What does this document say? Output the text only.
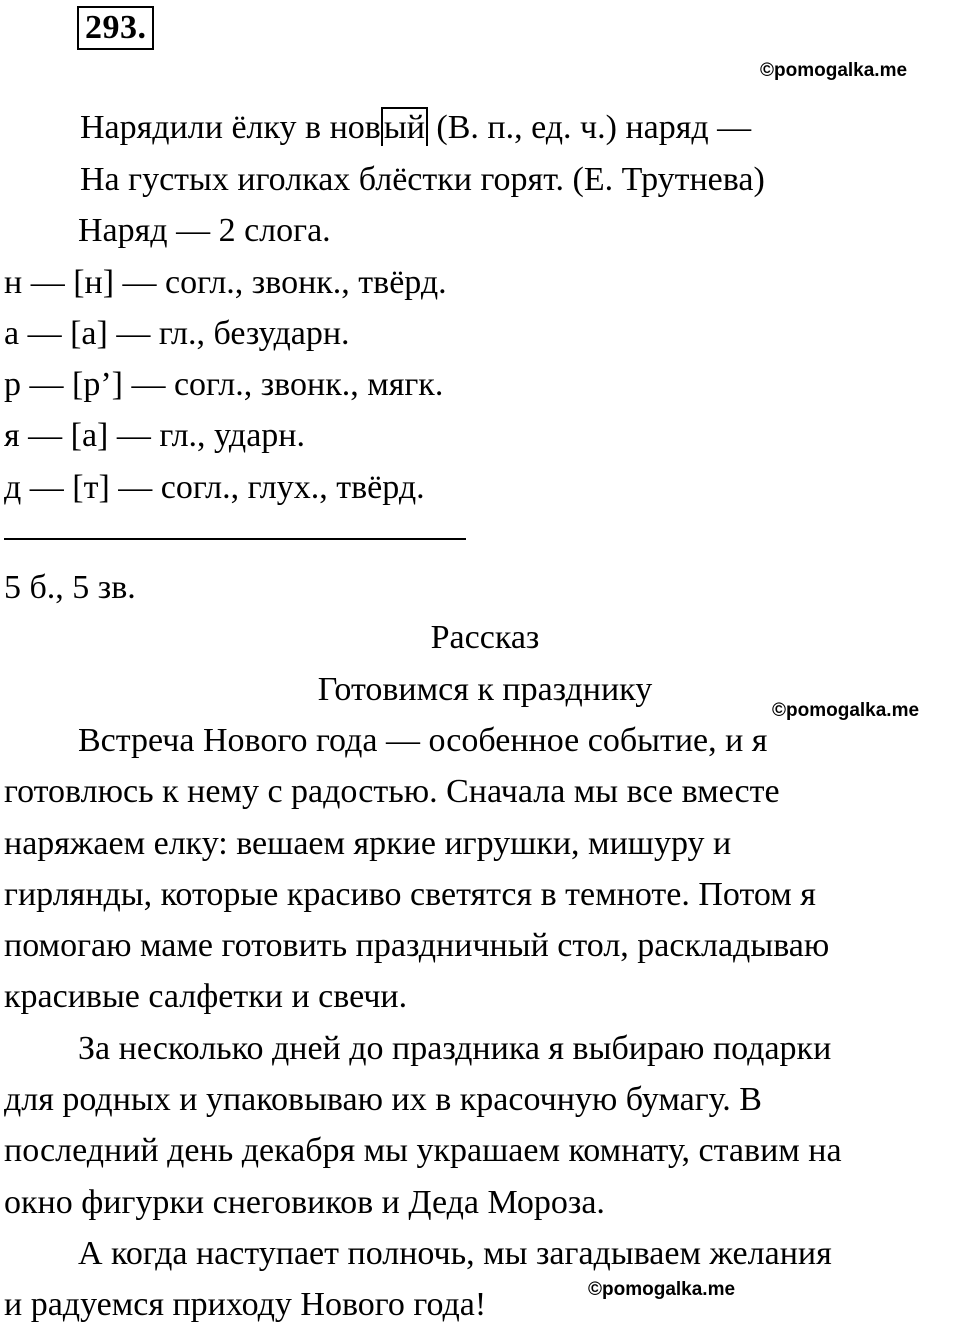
293.
©pomogalka.me
Нарядили ёлку в новый (В. п., ед. ч.) наряд —
На густых иголках блёстки горят. (Е. Трутнева)
Наряд — 2 слога.
н — [н] — согл., звонк., твёрд.
а — [а] — гл., безударн.
р — [р’] — согл., звонк., мягк.
я — [а] — гл., ударн.
д — [т] — согл., глух., твёрд.
5 б., 5 зв.
Рассказ
Готовимся к празднику
©pomogalka.me
Встреча Нового года — особенное событие, и я
готовлюсь к нему с радостью. Сначала мы все вместе
наряжаем елку: вешаем яркие игрушки, мишуру и
гирлянды, которые красиво светятся в темноте. Потом я
помогаю маме готовить праздничный стол, раскладываю
красивые салфетки и свечи.
За несколько дней до праздника я выбираю подарки
для родных и упаковываю их в красочную бумагу. В
последний день декабря мы украшаем комнату, ставим на
окно фигурки снеговиков и Деда Мороза.
А когда наступает полночь, мы загадываем желания
и радуемся приходу Нового года!	©pomogalka.me
